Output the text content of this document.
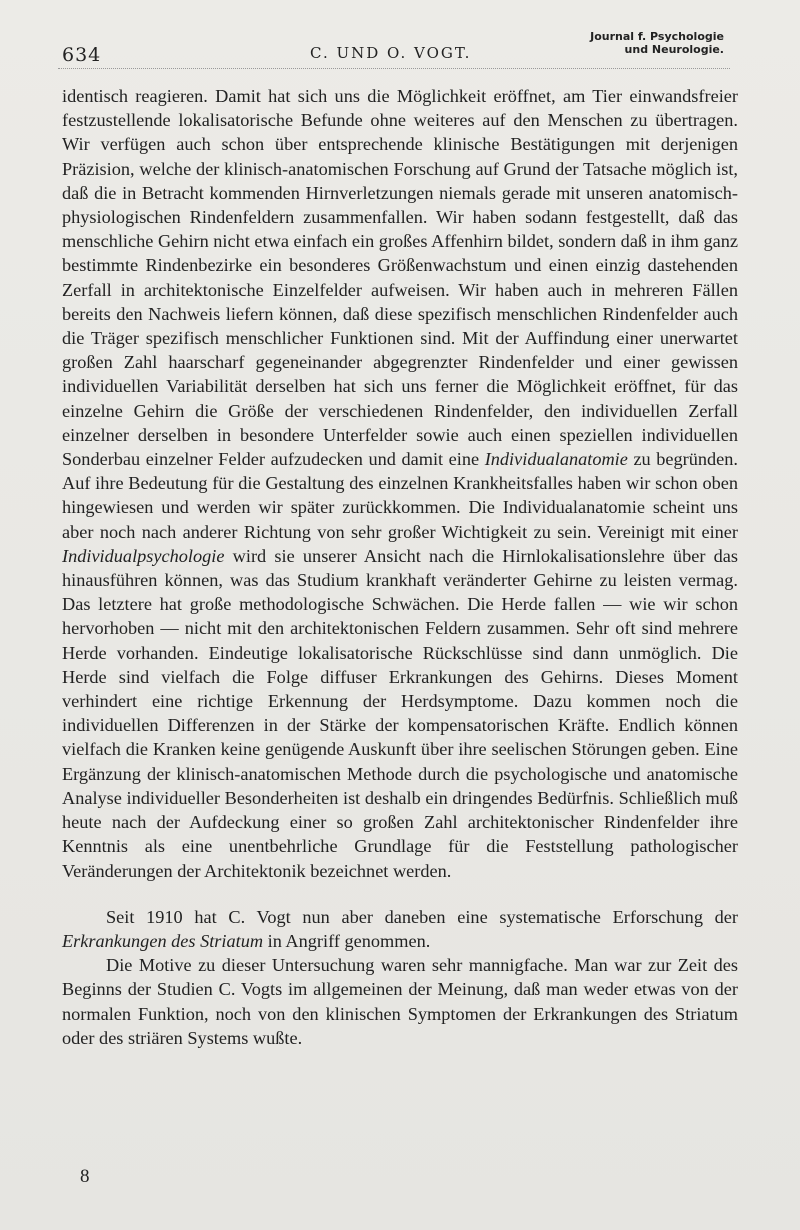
634	C. UND O. VOGT.
Journal f. Psychologie
und Neurologie.

identisch reagieren. Damit hat sich uns die Möglichkeit eröffnet, am Tier einwandsfreier festzustellende lokalisatorische Befunde ohne weiteres auf den Menschen zu übertragen. Wir verfügen auch schon über entsprechende klinische Bestätigungen mit derjenigen Präzision, welche der klinisch-anatomischen Forschung auf Grund der Tatsache möglich ist, daß die in Betracht kommenden Hirnverletzungen niemals gerade mit unseren anatomisch-physiologischen Rindenfeldern zusammenfallen. Wir haben sodann festgestellt, daß das menschliche Gehirn nicht etwa einfach ein großes Affenhirn bildet, sondern daß in ihm ganz bestimmte Rindenbezirke ein besonderes Größenwachstum und einen einzig dastehenden Zerfall in architektonische Einzelfelder aufweisen. Wir haben auch in mehreren Fällen bereits den Nachweis liefern können, daß diese spezifisch menschlichen Rindenfelder auch die Träger spezifisch menschlicher Funktionen sind. Mit der Auffindung einer unerwartet großen Zahl haarscharf gegeneinander abgegrenzter Rindenfelder und einer gewissen individuellen Variabilität derselben hat sich uns ferner die Möglichkeit eröffnet, für das einzelne Gehirn die Größe der verschiedenen Rindenfelder, den individuellen Zerfall einzelner derselben in besondere Unterfelder sowie auch einen speziellen individuellen Sonderbau einzelner Felder aufzudecken und damit eine Individualanatomie zu begründen. Auf ihre Bedeutung für die Gestaltung des einzelnen Krankheitsfalles haben wir schon oben hingewiesen und werden wir später zurückkommen. Die Individualanatomie scheint uns aber noch nach anderer Richtung von sehr großer Wichtigkeit zu sein. Vereinigt mit einer Individualpsychologie wird sie unserer Ansicht nach die Hirnlokalisationslehre über das hinausführen können, was das Studium krankhaft veränderter Gehirne zu leisten vermag. Das letztere hat große methodologische Schwächen. Die Herde fallen — wie wir schon hervorhoben — nicht mit den architektonischen Feldern zusammen. Sehr oft sind mehrere Herde vorhanden. Eindeutige lokalisatorische Rückschlüsse sind dann unmöglich. Die Herde sind vielfach die Folge diffuser Erkrankungen des Gehirns. Dieses Moment verhindert eine richtige Erkennung der Herdsymptome. Dazu kommen noch die individuellen Differenzen in der Stärke der kompensatorischen Kräfte. Endlich können vielfach die Kranken keine genügende Auskunft über ihre seelischen Störungen geben. Eine Ergänzung der klinisch-anatomischen Methode durch die psychologische und anatomische Analyse individueller Besonderheiten ist deshalb ein dringendes Bedürfnis. Schließlich muß heute nach der Aufdeckung einer so großen Zahl architektonischer Rindenfelder ihre Kenntnis als eine unentbehrliche Grundlage für die Feststellung pathologischer Veränderungen der Architektonik bezeichnet werden.

Seit 1910 hat C. Vogt nun aber daneben eine systematische Erforschung der Erkrankungen des Striatum in Angriff genommen.

Die Motive zu dieser Untersuchung waren sehr mannigfache. Man war zur Zeit des Beginns der Studien C. Vogts im allgemeinen der Meinung, daß man weder etwas von der normalen Funktion, noch von den klinischen Symptomen der Erkrankungen des Striatum oder des striären Systems wußte.

8
